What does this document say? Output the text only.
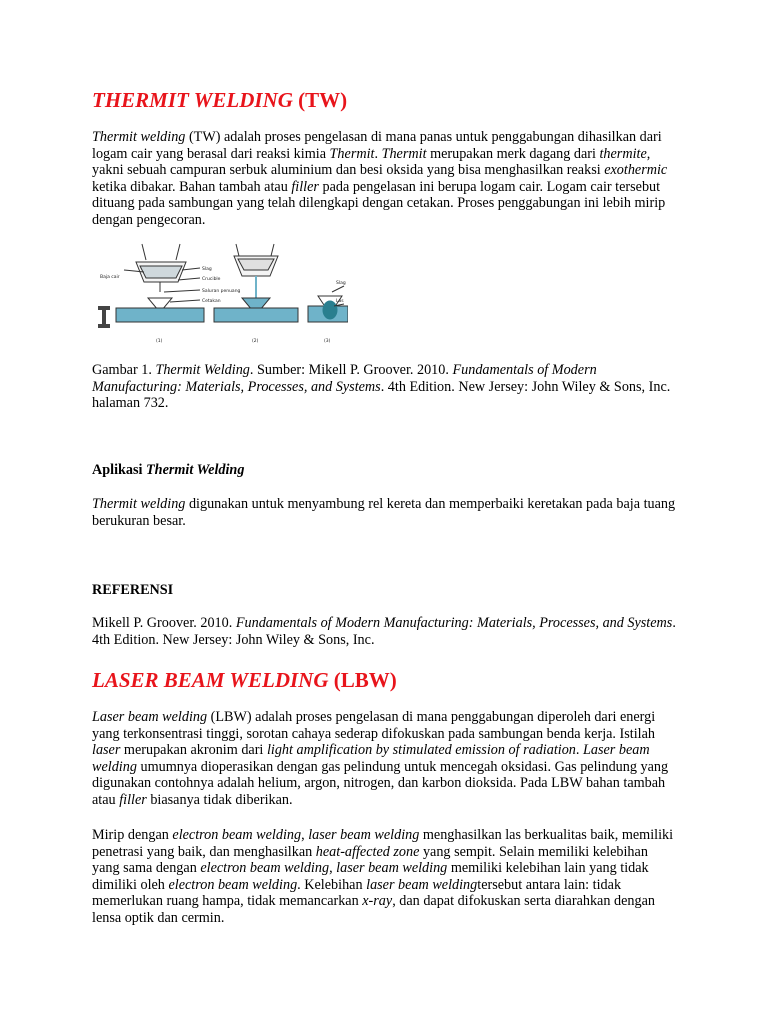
THERMIT WELDING (TW)

Thermit welding (TW) adalah proses pengelasan di mana panas untuk penggabungan dihasilkan dari logam cair yang berasal dari reaksi kimia Thermit. Thermit merupakan merk dagang dari thermite, yakni sebuah campuran serbuk aluminium dan besi oksida yang bisa menghasilkan reaksi exothermic ketika dibakar. Bahan tambah atau filler pada pengelasan ini berupa logam cair. Logam cair tersebut dituang pada sambungan yang telah dilengkapi dengan cetakan. Proses penggabungan ini lebih mirip dengan pengecoran.

Baja cair
Slag
Crucible
Saluran penuang
Cetakan
Slag
Las
(1)	(2)	(3)

Gambar 1. Thermit Welding. Sumber: Mikell P. Groover. 2010. Fundamentals of Modern Manufacturing: Materials, Processes, and Systems. 4th Edition. New Jersey: John Wiley & Sons, Inc. halaman 732.

Aplikasi Thermit Welding

Thermit welding digunakan untuk menyambung rel kereta dan memperbaiki keretakan pada baja tuang berukuran besar.

REFERENSI

Mikell P. Groover. 2010. Fundamentals of Modern Manufacturing: Materials, Processes, and Systems. 4th Edition. New Jersey: John Wiley & Sons, Inc.

LASER BEAM WELDING (LBW)

Laser beam welding (LBW) adalah proses pengelasan di mana penggabungan diperoleh dari energi yang terkonsentrasi tinggi, sorotan cahaya sederap difokuskan pada sambungan benda kerja. Istilah laser merupakan akronim dari light amplification by stimulated emission of radiation. Laser beam welding umumnya dioperasikan dengan gas pelindung untuk mencegah oksidasi. Gas pelindung yang digunakan contohnya adalah helium, argon, nitrogen, dan karbon dioksida. Pada LBW bahan tambah atau filler biasanya tidak diberikan.

Mirip dengan electron beam welding, laser beam welding menghasilkan las berkualitas baik, memiliki penetrasi yang baik, dan menghasilkan heat-affected zone yang sempit. Selain memiliki kelebihan yang sama dengan electron beam welding, laser beam welding memiliki kelebihan lain yang tidak dimiliki oleh electron beam welding. Kelebihan laser beam weldingtersebut antara lain: tidak memerlukan ruang hampa, tidak memancarkan x-ray, dan dapat difokuskan serta diarahkan dengan lensa optik dan cermin.
